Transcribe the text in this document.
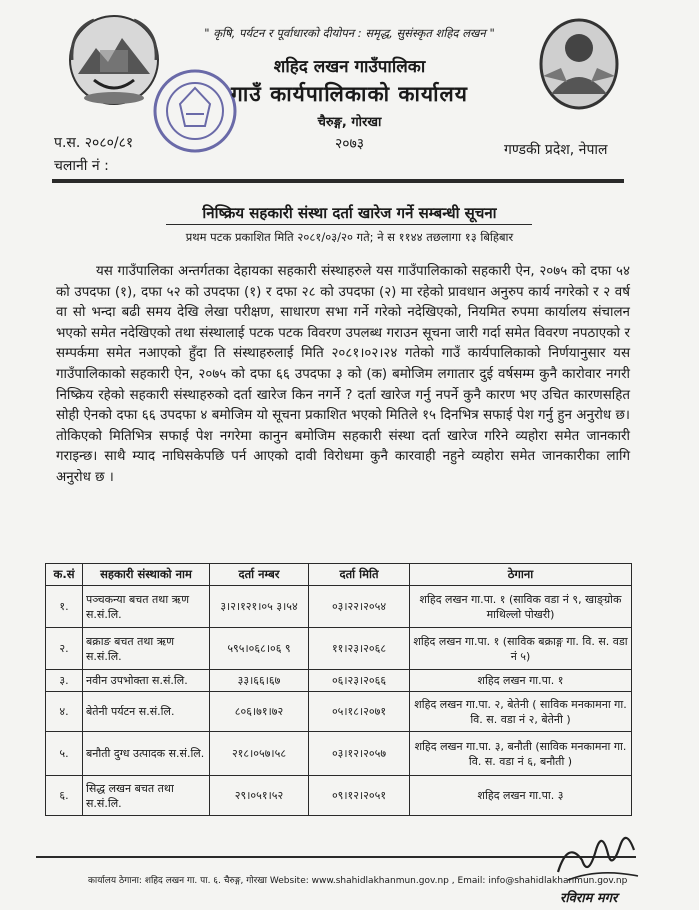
" कृषि, पर्यटन र पूर्वाधारको दीयोपन : समृद्ध, सुसंस्कृत शहिद लखन "
शहिद लखन गाउँपालिका
गाउँ कार्यपालिकाको कार्यालय
चैरुङ्ग, गोरखा
२०७३
प.स. २०८०/८१
चलानी नं :
गण्डकी प्रदेश, नेपाल
निष्क्रिय सहकारी संस्था दर्ता खारेज गर्ने सम्बन्धी सूचना
प्रथम पटक प्रकाशित मिति २०८१/०३/२० गते; ने स ११४४ तछलागा १३ बिहिबार
यस गाउँपालिका अन्तर्गतका देहायका सहकारी संस्थाहरुले यस गाउँपालिकाको सहकारी ऐन, २०७५ को दफा ५४ को उपदफा (१), दफा ५२ को उपदफा (१) र दफा २८ को उपदफा (२) मा रहेको प्रावधान अनुरुप कार्य नगरेको र २ वर्ष वा सो भन्दा बढी समय देखि लेखा परीक्षण, साधारण सभा गर्ने गरेको नदेखिएको, नियमित रुपमा कार्यालय संचालन भएको समेत नदेखिएको तथा संस्थालाई पटक पटक विवरण उपलब्ध गराउन सूचना जारी गर्दा समेत विवरण नपठाएको र सम्पर्कमा समेत नआएको हुँदा ति संस्थाहरुलाई मिति २०८१।०२।२४ गतेको गाउँ कार्यपालिकाको निर्णयानुसार यस गाउँपालिकाको सहकारी ऐन, २०७५ को दफा ६६ उपदफा ३ को (क) बमोजिम लगातार दुई वर्षसम्म कुनै कारोवार नगरी निष्क्रिय रहेको सहकारी संस्थाहरुको दर्ता खारेज किन नगर्ने ? दर्ता खारेज गर्नु नपर्ने कुनै कारण भए उचित कारणसहित सोही ऐनको दफा ६६ उपदफा ४ बमोजिम यो सूचना प्रकाशित भएको मितिले १५ दिनभित्र सफाई पेश गर्नु हुन अनुरोध छ।तोकिएको मितिभित्र सफाई पेश नगरेमा कानुन बमोजिम सहकारी संस्था दर्ता खारेज गरिने व्यहोरा समेत जानकारी गराइन्छ। साथै म्याद नाघिसकेपछि पर्न आएको दावी विरोधमा कुनै कारवाही नहुने व्यहोरा समेत जानकारीका लागि अनुरोध छ ।
क.सं	सहकारी संस्थाको नाम	दर्ता नम्बर	दर्ता मिति	ठेगाना
१.	पञ्चकन्या बचत तथा ऋण स.सं.लि.	३।२।१२१।०५ ३।५४	०३।२२।२०५४	शहिद लखन गा.पा. १ (साविक वडा नं ९, खाङ्ग्रोक माथिल्लो पोखरी)
२.	बक्राङ बचत तथा ऋण स.सं.लि.	५९५।०६८।०६ ९	११।२३।२०६८	शहिद लखन गा.पा. १ (साविक बक्राङ्ग गा. वि. स. वडा नं ५)
३.	नवीन उपभोक्ता स.सं.लि.	३३।६६।६७	०६।२३।२०६६	शहिद लखन गा.पा. १
४.	बेतेनी पर्यटन स.सं.लि.	८०६।७१।७२	०५।१८।२०७१	शहिद लखन गा.पा. २, बेतेनी ( साविक मनकामना गा. वि. स. वडा नं २, बेतेनी )
५.	बनौती दुग्ध उत्पादक स.सं.लि.	२१८।०५७।५८	०३।१२।२०५७	शहिद लखन गा.पा. ३, बनौती (साविक मनकामना गा. वि. स. वडा नं ६, बनौती )
६.	सिद्ध लखन बचत तथा स.सं.लि.	२९।०५१।५२	०९।१२।२०५१	शहिद लखन गा.पा. ३
कार्यालय ठेगाना: शहिद लखन गा. पा. ६. चैरुङ्ग, गोरखा Website: www.shahidlakhanmun.gov.np , Email: info@shahidlakhanmun.gov.np
रविराम मगर
